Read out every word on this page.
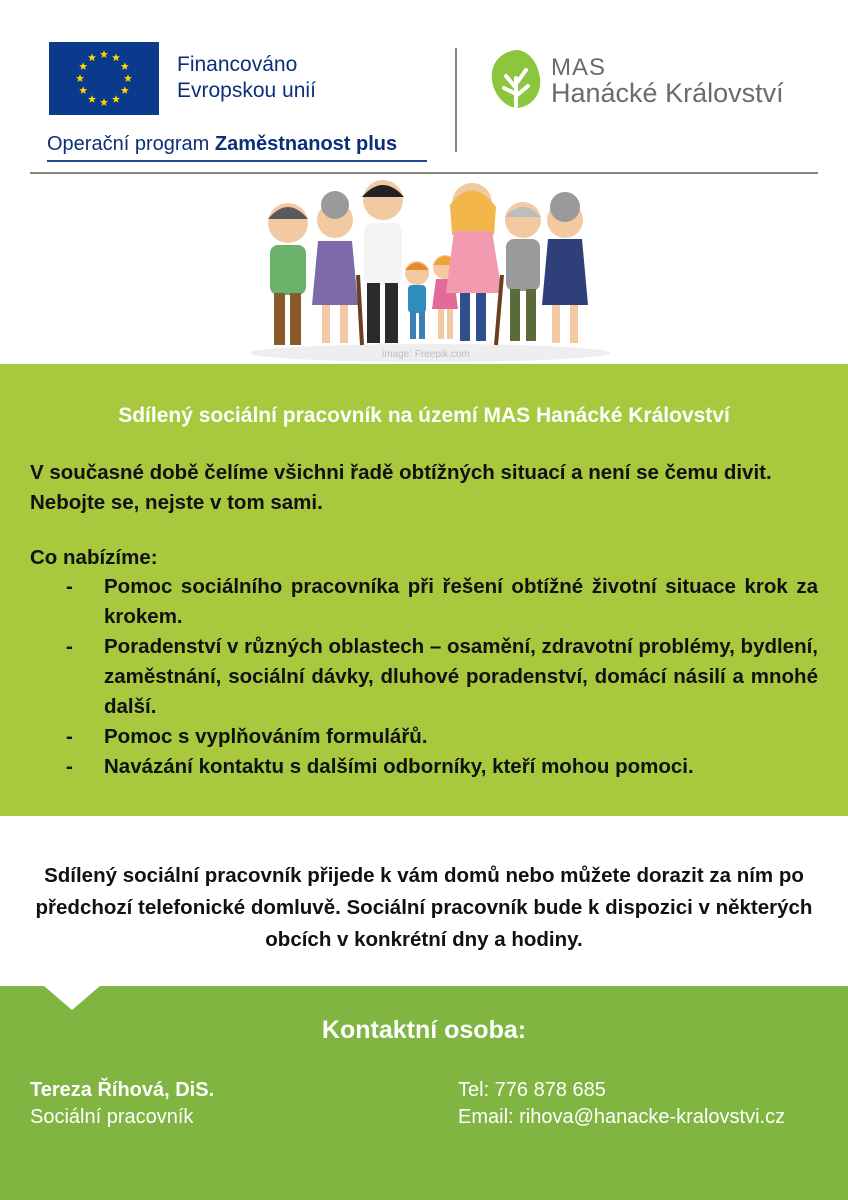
Financováno
Evropskou unií
Operační program Zaměstnanost plus
MAS
Hanácké Království
image: Freepik.com
Sdílený sociální pracovník na území MAS Hanácké Království
V současné době čelíme všichni řadě obtížných situací a není se čemu divit. Nebojte se, nejste v tom sami.
Co nabízíme:
- Pomoc sociálního pracovníka při řešení obtížné životní situace krok za krokem.
- Poradenství v různých oblastech – osamění, zdravotní problémy, bydlení, zaměstnání, sociální dávky, dluhové poradenství, domácí násilí a mnohé další.
- Pomoc s vyplňováním formulářů.
- Navázání kontaktu s dalšími odborníky, kteří mohou pomoci.
Sdílený sociální pracovník přijede k vám domů nebo můžete dorazit za ním po předchozí telefonické domluvě. Sociální pracovník bude k dispozici v některých obcích v konkrétní dny a hodiny.
Kontaktní osoba:
Tereza Říhová, DiS.
Sociální pracovník
Tel: 776 878 685
Email: rihova@hanacke-kralovstvi.cz
